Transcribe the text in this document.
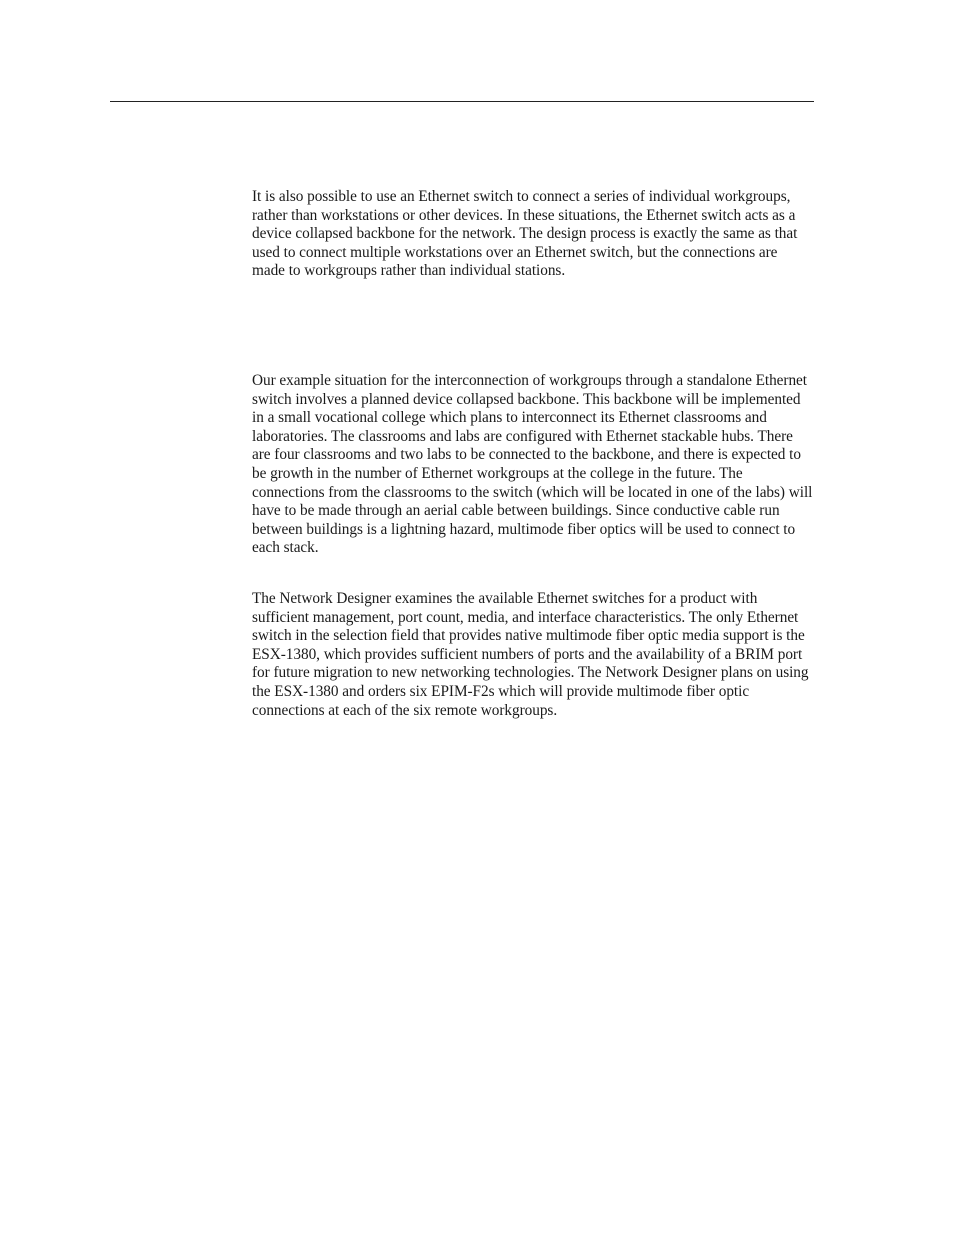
It is also possible to use an Ethernet switch to connect a series of individual workgroups, rather than workstations or other devices. In these situations, the Ethernet switch acts as a device collapsed backbone for the network. The design process is exactly the same as that used to connect multiple workstations over an Ethernet switch, but the connections are made to workgroups rather than individual stations.

Our example situation for the interconnection of workgroups through a standalone Ethernet switch involves a planned device collapsed backbone. This backbone will be implemented in a small vocational college which plans to interconnect its Ethernet classrooms and laboratories. The classrooms and labs are configured with Ethernet stackable hubs. There are four classrooms and two labs to be connected to the backbone, and there is expected to be growth in the number of Ethernet workgroups at the college in the future. The connections from the classrooms to the switch (which will be located in one of the labs) will have to be made through an aerial cable between buildings. Since conductive cable run between buildings is a lightning hazard, multimode fiber optics will be used to connect to each stack.

The Network Designer examines the available Ethernet switches for a product with sufficient management, port count, media, and interface characteristics. The only Ethernet switch in the selection field that provides native multimode fiber optic media support is the ESX-1380, which provides sufficient numbers of ports and the availability of a BRIM port for future migration to new networking technologies. The Network Designer plans on using the ESX-1380 and orders six EPIM-F2s which will provide multimode fiber optic connections at each of the six remote workgroups.
